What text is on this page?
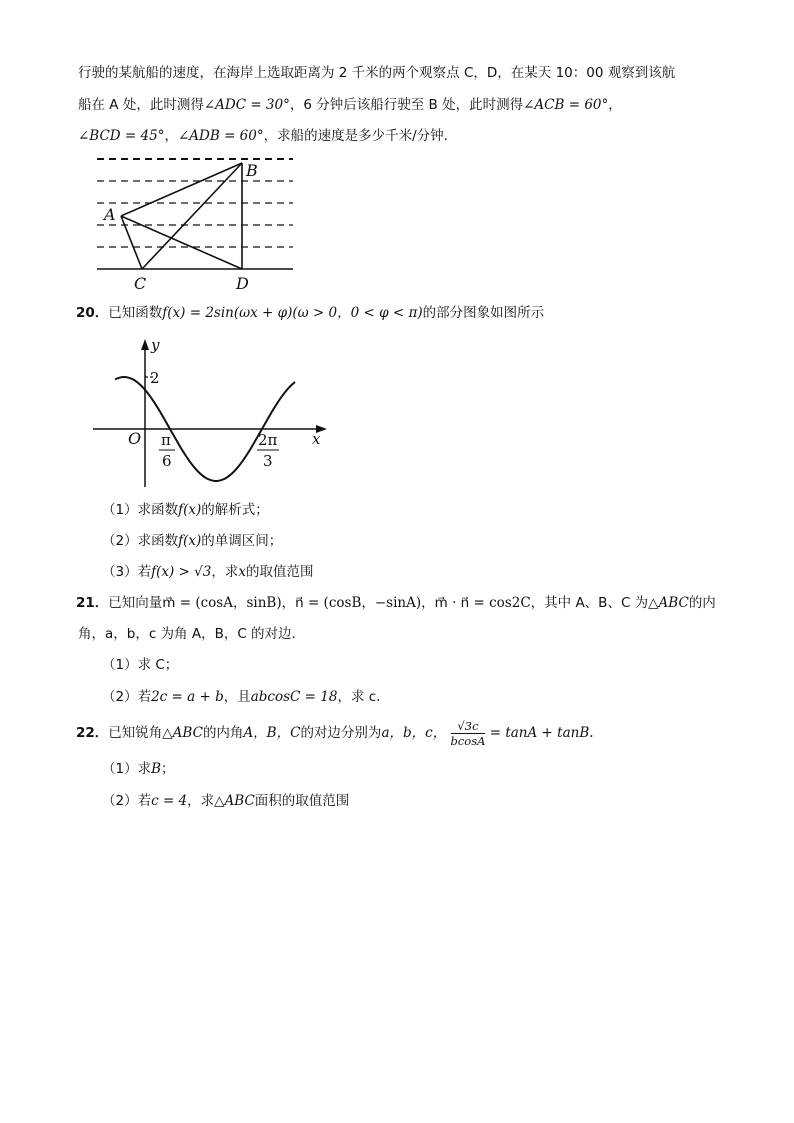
行驶的某航船的速度，在海岸上选取距离为 2 千米的两个观察点 C，D，在某天 10：00 观察到该航
船在 A 处，此时测得∠ADC = 30°，6 分钟后该船行驶至 B 处，此时测得∠ACB = 60°，
∠BCD = 45°，∠ADB = 60°，求船的速度是多少千米/分钟.
A
B
C	D
20．已知函数f(x) = 2sin(ωx + φ)(ω > 0，0 < φ < π)的部分图象如图所示
y
x
O
2
π
6
2π
3
（1）求函数f(x)的解析式；
（2）求函数f(x)的单调区间；
（3）若f(x) > √3，求x的取值范围
21．已知向量m⃗ = (cosA，sinB)，n⃗ = (cosB，−sinA)，m⃗ · n⃗ = cos2C，其中 A、B、C 为△ABC的内
角，a，b，c 为角 A，B，C 的对边.
（1）求 C；
（2）若2c = a + b，且abcosC = 18，求 c.
22．已知锐角△ABC的内角A，B，C的对边分别为a，b，c， $\frac{√3c}{bcosA} = \tan A + \tan B$.
（1）求B；
（2）若c = 4，求△ABC面积的取值范围
